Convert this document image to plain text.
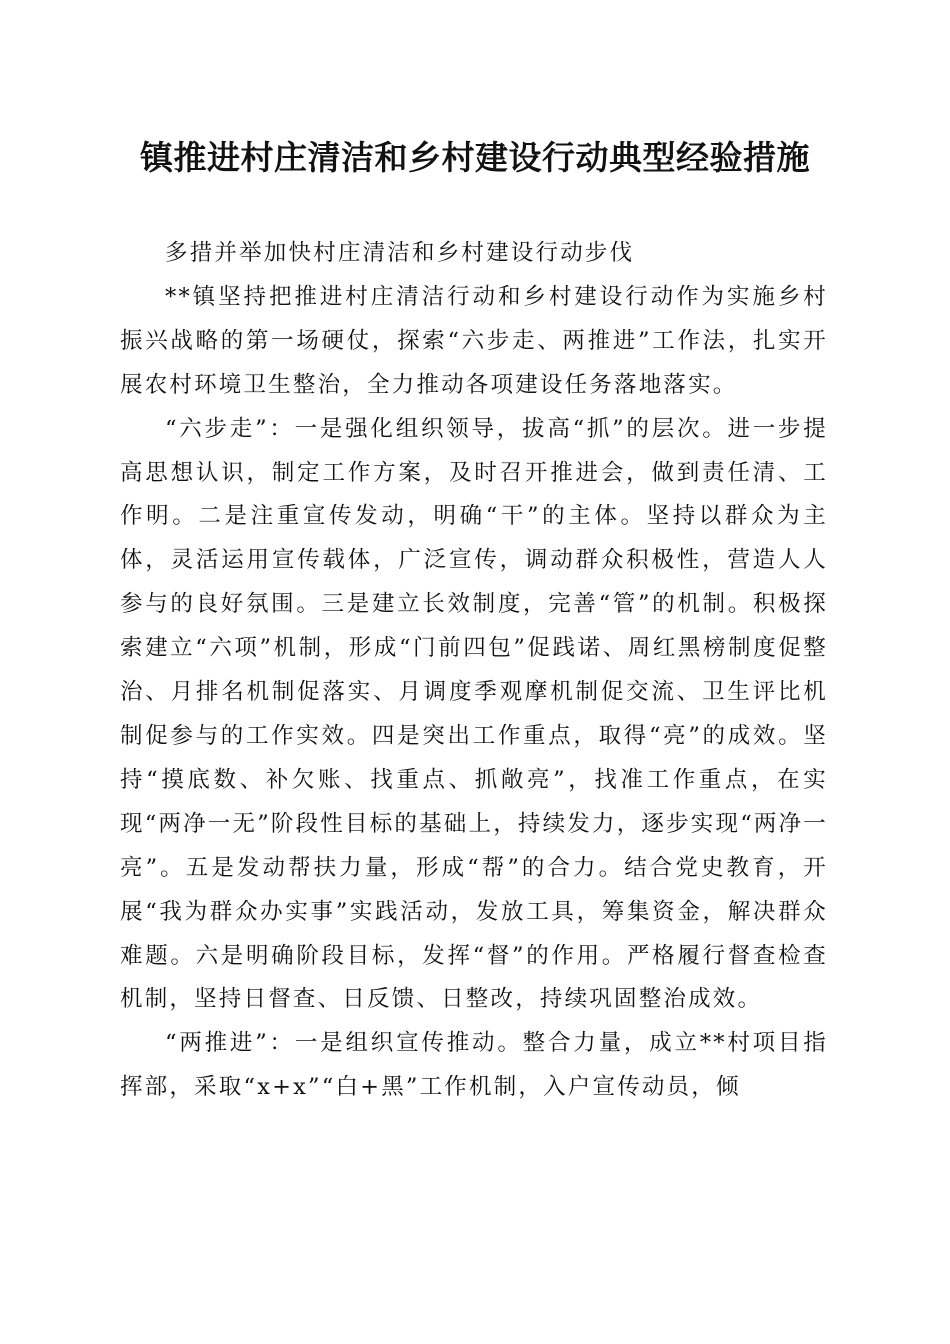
镇推进村庄清洁和乡村建设行动典型经验措施

多措并举加快村庄清洁和乡村建设行动步伐

**镇坚持把推进村庄清洁行动和乡村建设行动作为实施乡村振兴战略的第一场硬仗，探索“六步走、两推进”工作法，扎实开展农村环境卫生整治，全力推动各项建设任务落地落实。

“六步走”：一是强化组织领导，拔高“抓”的层次。进一步提高思想认识，制定工作方案，及时召开推进会，做到责任清、工作明。二是注重宣传发动，明确“干”的主体。坚持以群众为主体，灵活运用宣传载体，广泛宣传，调动群众积极性，营造人人参与的良好氛围。三是建立长效制度，完善“管”的机制。积极探索建立“六项”机制，形成“门前四包”促践诺、周红黑榜制度促整治、月排名机制促落实、月调度季观摩机制促交流、卫生评比机制促参与的工作实效。四是突出工作重点，取得“亮”的成效。坚持“摸底数、补欠账、找重点、抓敞亮”，找准工作重点，在实现“两净一无”阶段性目标的基础上，持续发力，逐步实现“两净一亮”。五是发动帮扶力量，形成“帮”的合力。结合党史教育，开展“我为群众办实事”实践活动，发放工具，筹集资金，解决群众难题。六是明确阶段目标，发挥“督”的作用。严格履行督查检查机制，坚持日督查、日反馈、日整改，持续巩固整治成效。

“两推进”：一是组织宣传推动。整合力量，成立**村项目指挥部，采取“x+x”“白+黑”工作机制，入户宣传动员，倾
